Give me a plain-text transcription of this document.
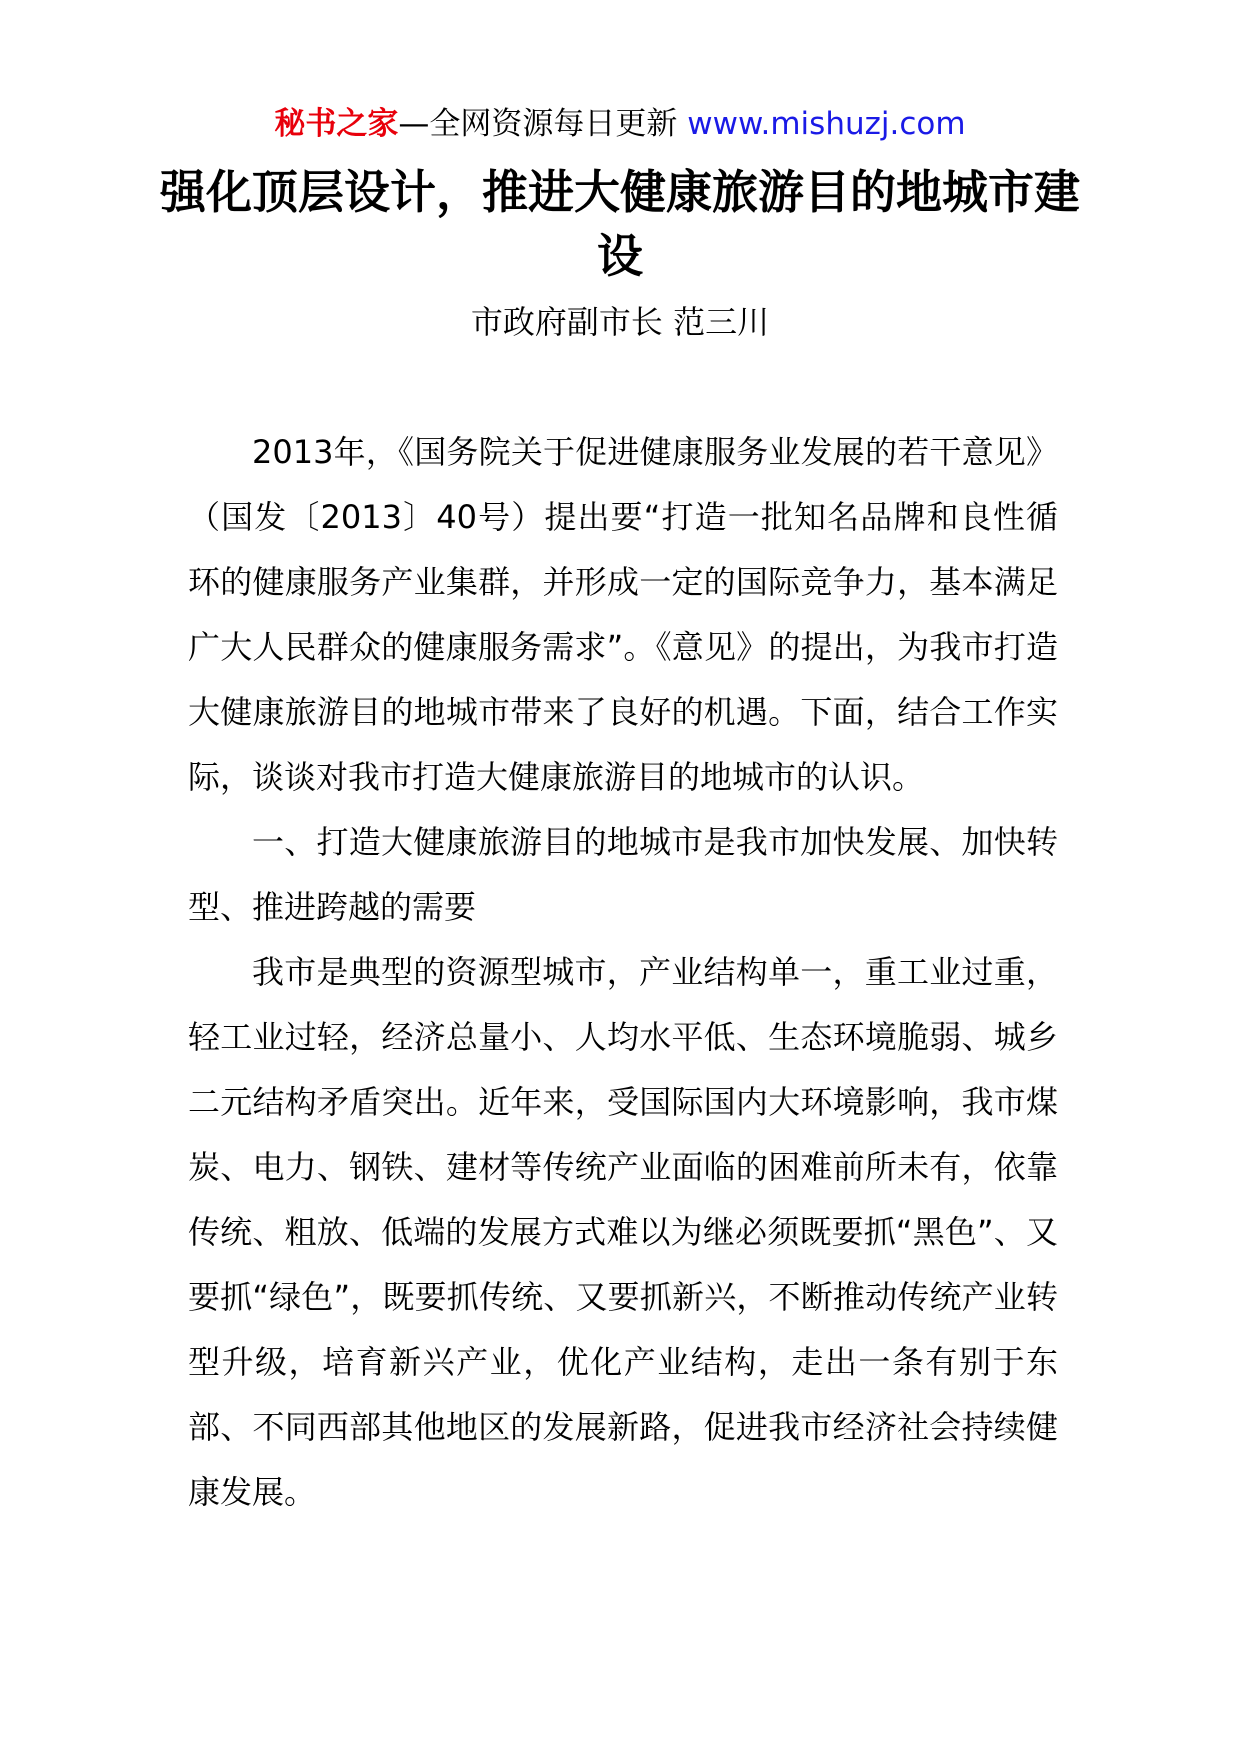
秘书之家—全网资源每日更新 www.mishuzj.com
强化顶层设计，推进大健康旅游目的地城市建设
市政府副市长 范三川

2013年，《国务院关于促进健康服务业发展的若干意见》（国发〔2013〕40号）提出要“打造一批知名品牌和良性循环的健康服务产业集群，并形成一定的国际竞争力，基本满足广大人民群众的健康服务需求”。《意见》的提出，为我市打造大健康旅游目的地城市带来了良好的机遇。下面，结合工作实际，谈谈对我市打造大健康旅游目的地城市的认识。

一、打造大健康旅游目的地城市是我市加快发展、加快转型、推进跨越的需要

我市是典型的资源型城市，产业结构单一，重工业过重，轻工业过轻，经济总量小、人均水平低、生态环境脆弱、城乡二元结构矛盾突出。近年来，受国际国内大环境影响，我市煤炭、电力、钢铁、建材等传统产业面临的困难前所未有，依靠传统、粗放、低端的发展方式难以为继必须既要抓“黑色”、又要抓“绿色”，既要抓传统、又要抓新兴，不断推动传统产业转型升级，培育新兴产业，优化产业结构，走出一条有别于东部、不同西部其他地区的发展新路，促进我市经济社会持续健康发展。
